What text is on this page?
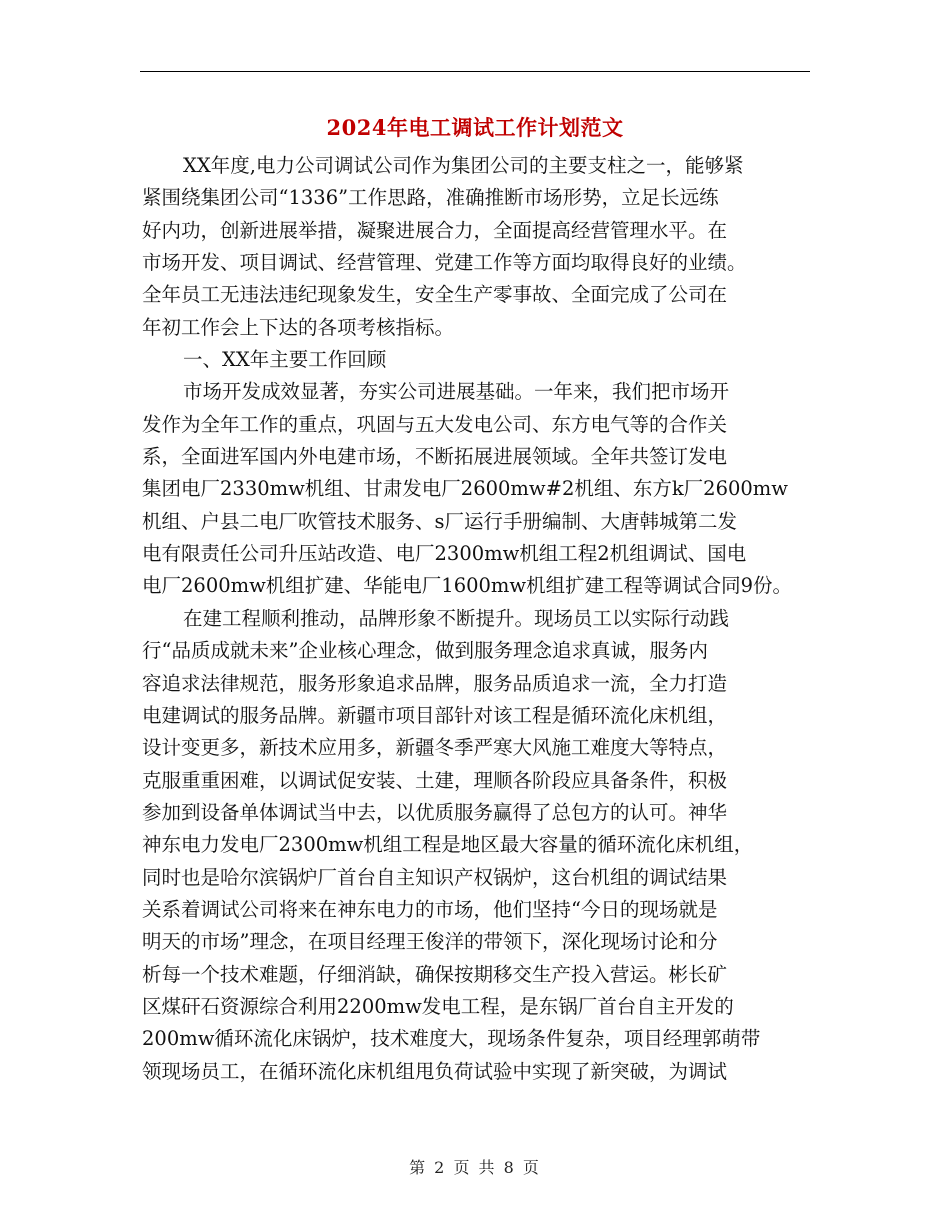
2024年电工调试工作计划范文
XX年度,电力公司调试公司作为集团公司的主要支柱之一，能够紧
紧围绕集团公司“1336”工作思路，准确推断市场形势，立足长远练
好内功，创新进展举措，凝聚进展合力，全面提高经营管理水平。在
市场开发、项目调试、经营管理、党建工作等方面均取得良好的业绩。
全年员工无违法违纪现象发生，安全生产零事故、全面完成了公司在
年初工作会上下达的各项考核指标。
一、XX年主要工作回顾
市场开发成效显著，夯实公司进展基础。一年来，我们把市场开
发作为全年工作的重点，巩固与五大发电公司、东方电气等的合作关
系，全面进军国内外电建市场，不断拓展进展领域。全年共签订发电
集团电厂2330mw机组、甘肃发电厂2600mw#2机组、东方k厂2600mw
机组、户县二电厂吹管技术服务、s厂运行手册编制、大唐韩城第二发
电有限责任公司升压站改造、电厂2300mw机组工程2机组调试、国电
电厂2600mw机组扩建、华能电厂1600mw机组扩建工程等调试合同9份。
在建工程顺利推动，品牌形象不断提升。现场员工以实际行动践
行“品质成就未来”企业核心理念，做到服务理念追求真诚，服务内
容追求法律规范，服务形象追求品牌，服务品质追求一流，全力打造
电建调试的服务品牌。新疆市项目部针对该工程是循环流化床机组，
设计变更多，新技术应用多，新疆冬季严寒大风施工难度大等特点，
克服重重困难，以调试促安装、土建，理顺各阶段应具备条件，积极
参加到设备单体调试当中去，以优质服务赢得了总包方的认可。神华
神东电力发电厂2300mw机组工程是地区最大容量的循环流化床机组，
同时也是哈尔滨锅炉厂首台自主知识产权锅炉，这台机组的调试结果
关系着调试公司将来在神东电力的市场，他们坚持“今日的现场就是
明天的市场”理念，在项目经理王俊洋的带领下，深化现场讨论和分
析每一个技术难题，仔细消缺，确保按期移交生产投入营运。彬长矿
区煤矸石资源综合利用2200mw发电工程，是东锅厂首台自主开发的
200mw循环流化床锅炉，技术难度大，现场条件复杂，项目经理郭萌带
领现场员工，在循环流化床机组甩负荷试验中实现了新突破，为调试
第 2 页 共 8 页
